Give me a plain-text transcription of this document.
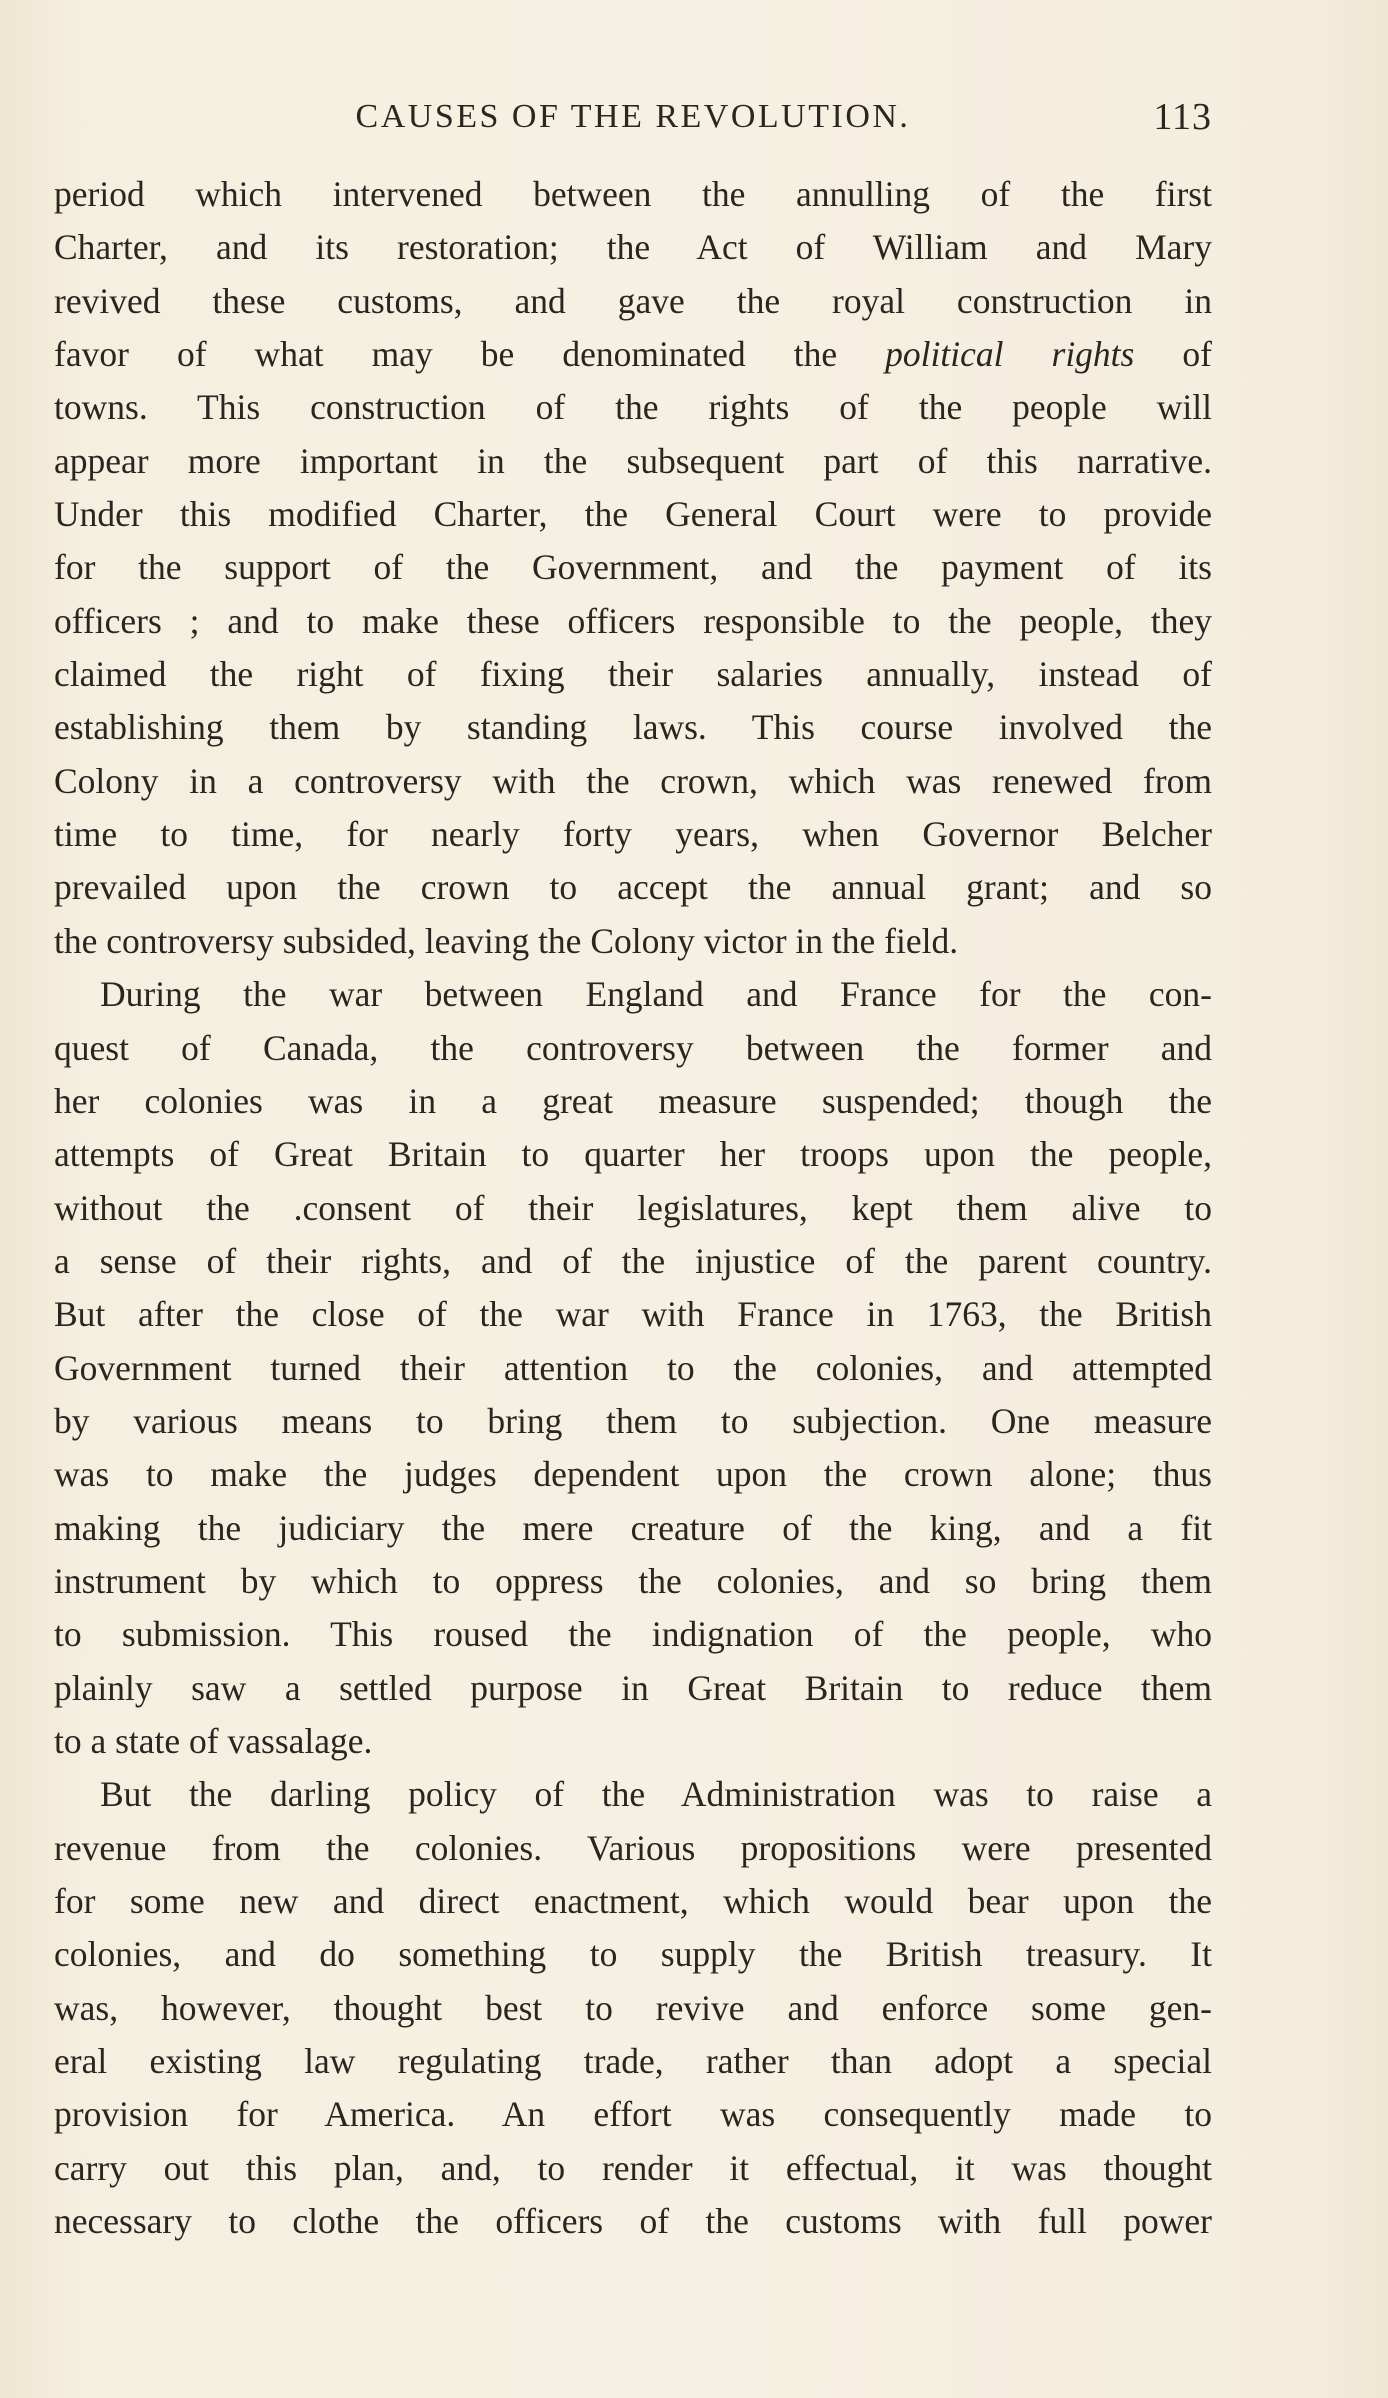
CAUSES OF THE REVOLUTION.	113
period which intervened between the annulling of the first
Charter, and its restoration; the Act of William and Mary
revived these customs, and gave the royal construction in
favor of what may be denominated the political rights of
towns. This construction of the rights of the people will
appear more important in the subsequent part of this narrative.
Under this modified Charter, the General Court were to provide
for the support of the Government, and the payment of its
officers ; and to make these officers responsible to the people, they
claimed the right of fixing their salaries annually, instead of
establishing them by standing laws. This course involved the
Colony in a controversy with the crown, which was renewed from
time to time, for nearly forty years, when Governor Belcher
prevailed upon the crown to accept the annual grant; and so
the controversy subsided, leaving the Colony victor in the field.
During the war between England and France for the con-
quest of Canada, the controversy between the former and
her colonies was in a great measure suspended; though the
attempts of Great Britain to quarter her troops upon the people,
without the .consent of their legislatures, kept them alive to
a sense of their rights, and of the injustice of the parent country.
But after the close of the war with France in 1763, the British
Government turned their attention to the colonies, and attempted
by various means to bring them to subjection. One measure
was to make the judges dependent upon the crown alone; thus
making the judiciary the mere creature of the king, and a fit
instrument by which to oppress the colonies, and so bring them
to submission. This roused the indignation of the people, who
plainly saw a settled purpose in Great Britain to reduce them
to a state of vassalage.
But the darling policy of the Administration was to raise a
revenue from the colonies. Various propositions were presented
for some new and direct enactment, which would bear upon the
colonies, and do something to supply the British treasury. It
was, however, thought best to revive and enforce some gen-
eral existing law regulating trade, rather than adopt a special
provision for America. An effort was consequently made to
carry out this plan, and, to render it effectual, it was thought
necessary to clothe the officers of the customs with full power
